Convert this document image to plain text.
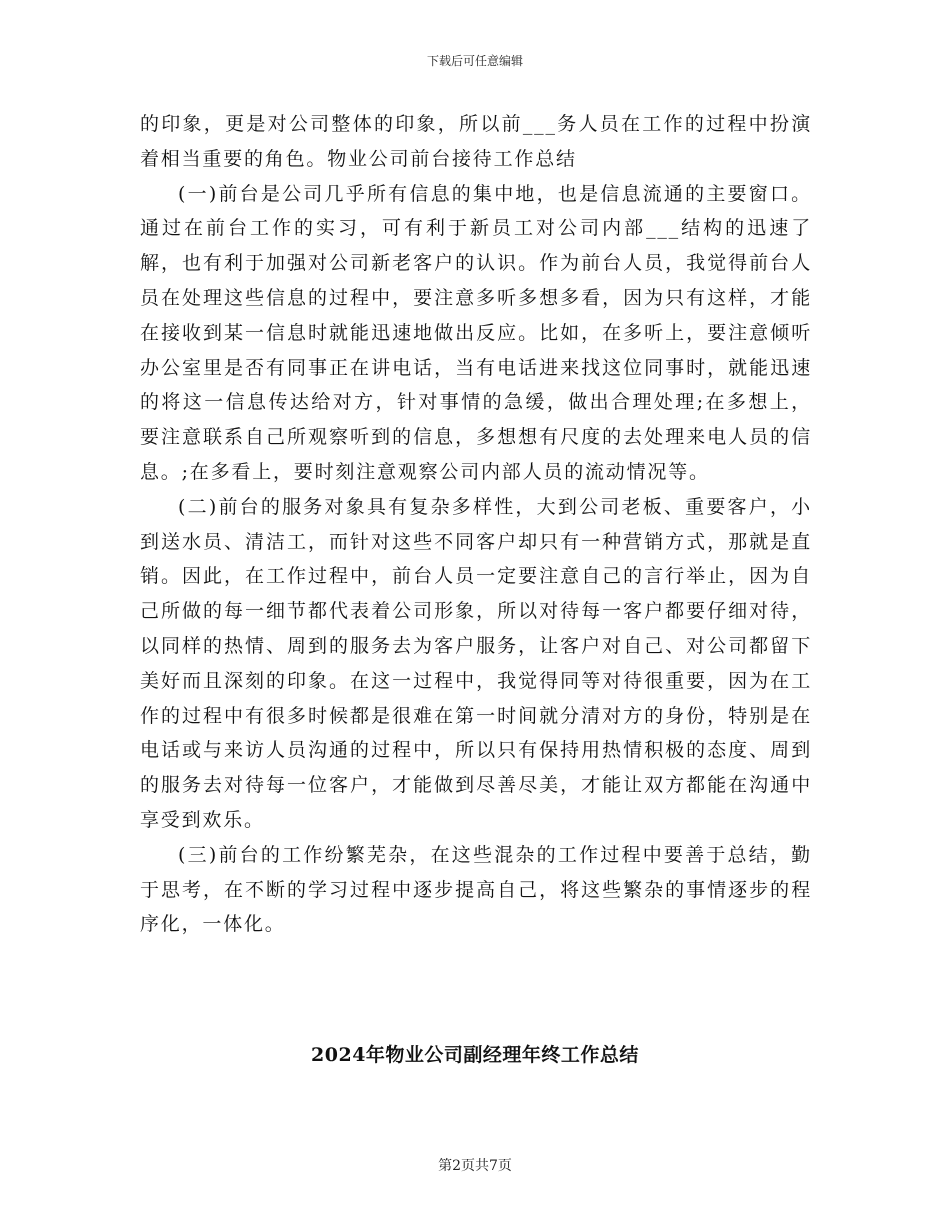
下载后可任意编辑

的印象，更是对公司整体的印象，所以前___务人员在工作的过程中扮演着相当重要的角色。物业公司前台接待工作总结

(一)前台是公司几乎所有信息的集中地，也是信息流通的主要窗口。通过在前台工作的实习，可有利于新员工对公司内部___结构的迅速了解，也有利于加强对公司新老客户的认识。作为前台人员，我觉得前台人员在处理这些信息的过程中，要注意多听多想多看，因为只有这样，才能在接收到某一信息时就能迅速地做出反应。比如，在多听上，要注意倾听办公室里是否有同事正在讲电话，当有电话进来找这位同事时，就能迅速的将这一信息传达给对方，针对事情的急缓，做出合理处理;在多想上，要注意联系自己所观察听到的信息，多想想有尺度的去处理来电人员的信息。;在多看上，要时刻注意观察公司内部人员的流动情况等。

(二)前台的服务对象具有复杂多样性，大到公司老板、重要客户，小到送水员、清洁工，而针对这些不同客户却只有一种营销方式，那就是直销。因此，在工作过程中，前台人员一定要注意自己的言行举止，因为自己所做的每一细节都代表着公司形象，所以对待每一客户都要仔细对待，以同样的热情、周到的服务去为客户服务，让客户对自己、对公司都留下美好而且深刻的印象。在这一过程中，我觉得同等对待很重要，因为在工作的过程中有很多时候都是很难在第一时间就分清对方的身份，特别是在电话或与来访人员沟通的过程中，所以只有保持用热情积极的态度、周到的服务去对待每一位客户，才能做到尽善尽美，才能让双方都能在沟通中享受到欢乐。

(三)前台的工作纷繁芜杂，在这些混杂的工作过程中要善于总结，勤于思考，在不断的学习过程中逐步提高自己，将这些繁杂的事情逐步的程序化，一体化。

2024年物业公司副经理年终工作总结
第2页共7页
